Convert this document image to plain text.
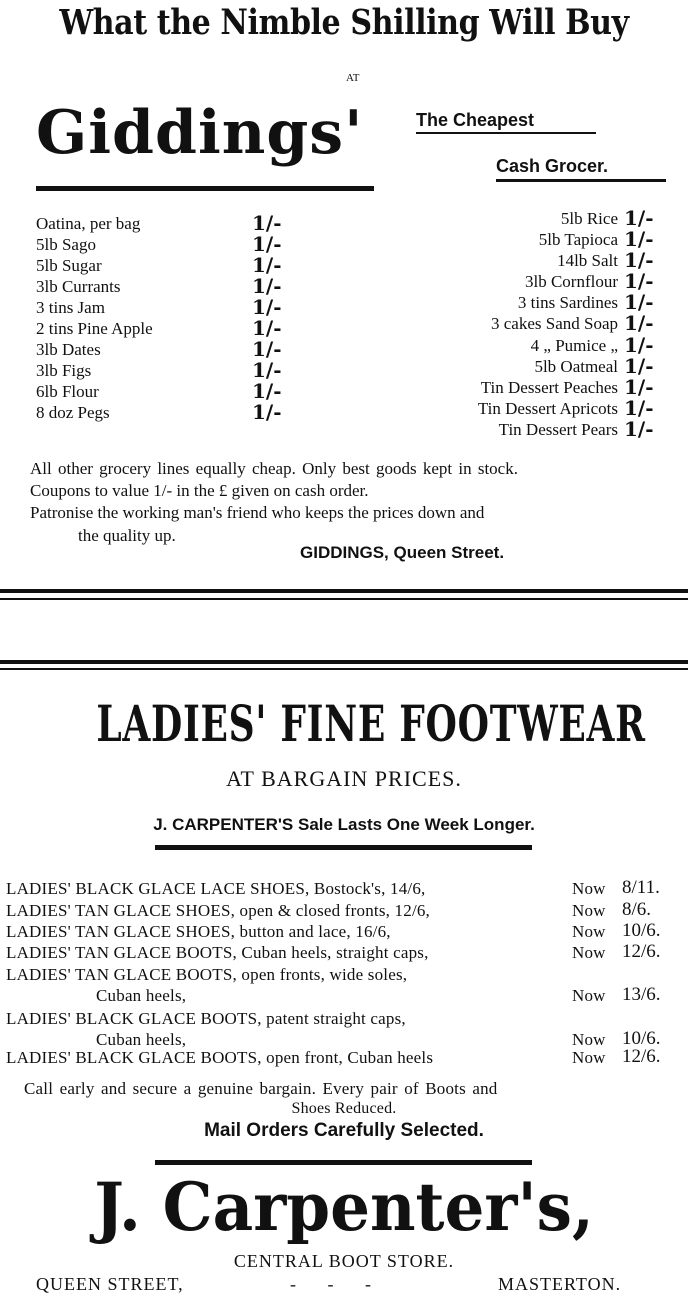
What the Nimble Shilling Will Buy
AT
Giddings'	The Cheapest
Cash Grocer.
Oatina, per bag	1/-
5lb Sago	1/-
5lb Sugar	1/-
3lb Currants	1/-
3 tins Jam	1/-
2 tins Pine Apple	1/-
3lb Dates	1/-
3lb Figs	1/-
6lb Flour	1/-
8 doz Pegs	1/-
5lb Rice 1/-
5lb Tapioca 1/-
14lb Salt 1/-
3lb Cornflour 1/-
3 tins Sardines 1/-
3 cakes Sand Soap 1/-
4 „ Pumice „ 1/-
5lb Oatmeal 1/-
Tin Dessert Peaches 1/-
Tin Dessert Apricots 1/-
Tin Dessert Pears 1/-
All other grocery lines equally cheap. Only best goods kept in stock.
Coupons to value 1/- in the £ given on cash order.
Patronise the working man's friend who keeps the prices down and
the quality up.
GIDDINGS, Queen Street.
LADIES' FINE FOOTWEAR
AT BARGAIN PRICES.
J. CARPENTER'S Sale Lasts One Week Longer.
LADIES' BLACK GLACE LACE SHOES, Bostock's, 14/6,	Now 8/11.
LADIES' TAN GLACE SHOES, open & closed fronts, 12/6,	Now 8/6.
LADIES' TAN GLACE SHOES, button and lace, 16/6,	Now 10/6.
LADIES' TAN GLACE BOOTS, Cuban heels, straight caps,	Now 12/6.
LADIES' TAN GLACE BOOTS, open fronts, wide soles,
Cuban heels,	Now 13/6.
LADIES' BLACK GLACE BOOTS, patent straight caps,
Cuban heels,	Now 10/6.
LADIES' BLACK GLACE BOOTS, open front, Cuban heels	Now 12/6.
Call early and secure a genuine bargain. Every pair of Boots and
Shoes Reduced.
Mail Orders Carefully Selected.
J. Carpenter's,
CENTRAL BOOT STORE.
QUEEN STREET,	-       -       -	MASTERTON.
